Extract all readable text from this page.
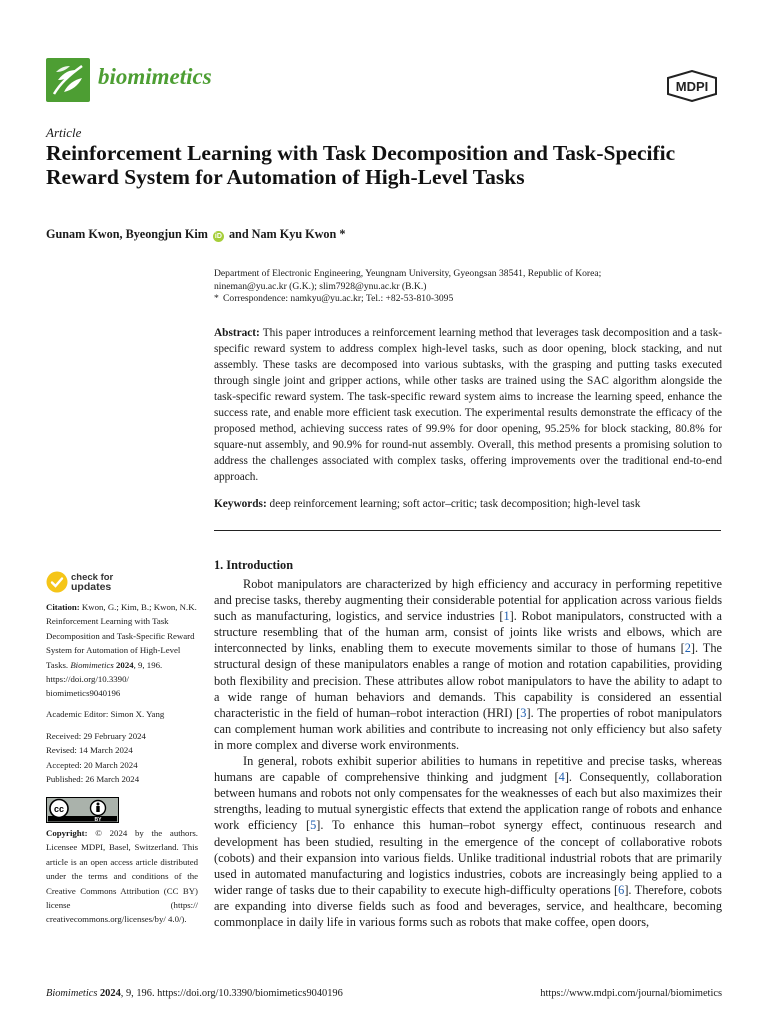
biomimetics	MDPI
Article
Reinforcement Learning with Task Decomposition and Task-Specific Reward System for Automation of High-Level Tasks
Gunam Kwon, Byeongjun Kim iD and Nam Kyu Kwon *
Department of Electronic Engineering, Yeungnam University, Gyeongsan 38541, Republic of Korea;
nineman@yu.ac.kr (G.K.); slim7928@ynu.ac.kr (B.K.)
* Correspondence: namkyu@yu.ac.kr; Tel.: +82-53-810-3095
Abstract: This paper introduces a reinforcement learning method that leverages task decomposition and a task-specific reward system to address complex high-level tasks, such as door opening, block stacking, and nut assembly. These tasks are decomposed into various subtasks, with the grasping and putting tasks executed through single joint and gripper actions, while other tasks are trained using the SAC algorithm alongside the task-specific reward system. The task-specific reward system aims to increase the learning speed, enhance the success rate, and enable more efficient task execution. The experimental results demonstrate the efficacy of the proposed method, achieving success rates of 99.9% for door opening, 95.25% for block stacking, 80.8% for square-nut assembly, and 90.9% for round-nut assembly. Overall, this method presents a promising solution to address the challenges associated with complex tasks, offering improvements over the traditional end-to-end approach.
Keywords: deep reinforcement learning; soft actor–critic; task decomposition; high-level task
1. Introduction

Robot manipulators are characterized by high efficiency and accuracy in performing repetitive and precise tasks, thereby augmenting their considerable potential for application across various fields such as manufacturing, logistics, and service industries [1]. Robot manipulators, constructed with a structure resembling that of the human arm, consist of joints like wrists and elbows, which are interconnected by links, enabling them to execute movements similar to those of humans [2]. The structural design of these manipulators enables a range of motion and rotation capabilities, providing both flexibility and precision. These attributes allow robot manipulators to have the ability to adapt to a wide range of human behaviors and demands. This capability is considered an essential characteristic in the field of human–robot interaction (HRI) [3]. The properties of robot manipulators can complement human work abilities and contribute to increasing not only efficiency but also safety in more complex and diverse work environments.

In general, robots exhibit superior abilities to humans in repetitive and precise tasks, whereas humans are capable of comprehensive thinking and judgment [4]. Consequently, collaboration between humans and robots not only compensates for the weaknesses of each but also maximizes their strengths, leading to mutual synergistic effects that extend the application range of robots and enhance work efficiency [5]. To enhance this human–robot synergy effect, continuous research and development has been studied, resulting in the emergence of the concept of collaborative robots (cobots) and their expansion into various fields. Unlike traditional industrial robots that are primarily used in automated manufacturing and logistics industries, cobots are increasingly being applied to a wider range of tasks due to their capability to execute high-difficulty operations [6]. Therefore, cobots are expanding into diverse fields such as food and beverages, service, and healthcare, becoming commonplace in daily life in various forms such as robots that make coffee, open doors,

check for
updates
Citation: Kwon, G.; Kim, B.; Kwon, N.K. Reinforcement Learning with Task Decomposition and Task-Specific Reward System for Automation of High-Level Tasks. Biomimetics 2024, 9, 196. https://doi.org/10.3390/ biomimetics9040196
Academic Editor: Simon X. Yang
Received: 29 February 2024
Revised: 14 March 2024
Accepted: 20 March 2024
Published: 26 March 2024
cc
BY
Copyright: © 2024 by the authors. Licensee MDPI, Basel, Switzerland. This article is an open access article distributed under the terms and conditions of the Creative Commons Attribution (CC BY) license (https:// creativecommons.org/licenses/by/ 4.0/).
Biomimetics 2024, 9, 196. https://doi.org/10.3390/biomimetics9040196	https://www.mdpi.com/journal/biomimetics
